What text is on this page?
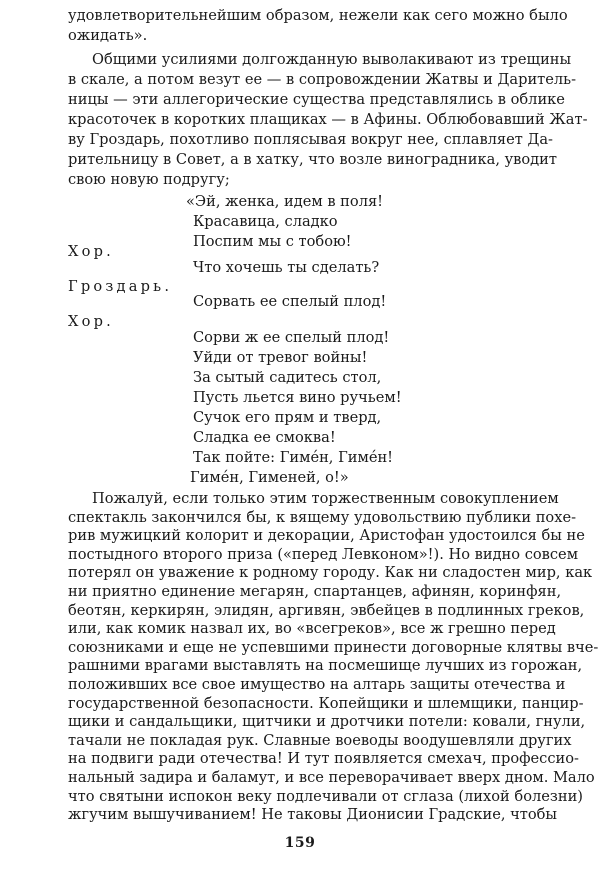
удовлетворительнейшим образом, нежели как сего можно было
ожидать».
Общими усилиями долгожданную выволакивают из трещины
в скале, а потом везут ее — в сопровождении Жатвы и Даритель-
ницы — эти аллегорические существа представлялись в облике
красоточек в коротких плащиках — в Афины. Облюбовавший Жат-
ву Гроздарь, похотливо поплясывая вокруг нее, сплавляет Да-
рительницу в Совет, а в хатку, что возле виноградника, уводит
свою новую подругу;
«Эй, женка, идем в поля!
Красавица, сладко
Поспим мы с тобою!
Хор.
Что хочешь ты сделать?
Гроздарь.
Сорвать ее спелый плод!
Хор.
Сорви ж ее спелый плод!
Уйди от тревог войны!
За сытый садитесь стол,
Пусть льется вино ручьем!
Сучок его прям и тверд,
Сладка ее смоква!
Так пойте: Гимéн, Гимéн!
Гимéн, Гименей, о!»
Пожалуй, если только этим торжественным совокуплением
спектакль закончился бы, к вящему удовольствию публики похе-
рив мужицкий колорит и декорации, Аристофан удостоился бы не
постыдного второго приза («перед Левконом»!). Но видно совсем
потерял он уважение к родному городу. Как ни сладостен мир, как
ни приятно единение мегарян, спартанцев, афинян, коринфян,
беотян, керкирян, элидян, аргивян, эвбейцев в подлинных греков,
или, как комик назвал их, во «всегреков», все ж грешно перед
союзниками и еще не успевшими принести договорные клятвы вче-
рашними врагами выставлять на посмешище лучших из горожан,
положивших все свое имущество на алтарь защиты отечества и
государственной безопасности. Копейщики и шлемщики, панцир-
щики и сандальщики, щитчики и дротчики потели: ковали, гнули,
тачали не покладая рук. Славные воеводы воодушевляли других
на подвиги ради отечества! И тут появляется смехач, профессио-
нальный задира и баламут, и все переворачивает вверх дном. Мало
что святыни испокон веку подлечивали от сглаза (лихой болезни)
жгучим вышучиванием! Не таковы Дионисии Градские, чтобы
159
